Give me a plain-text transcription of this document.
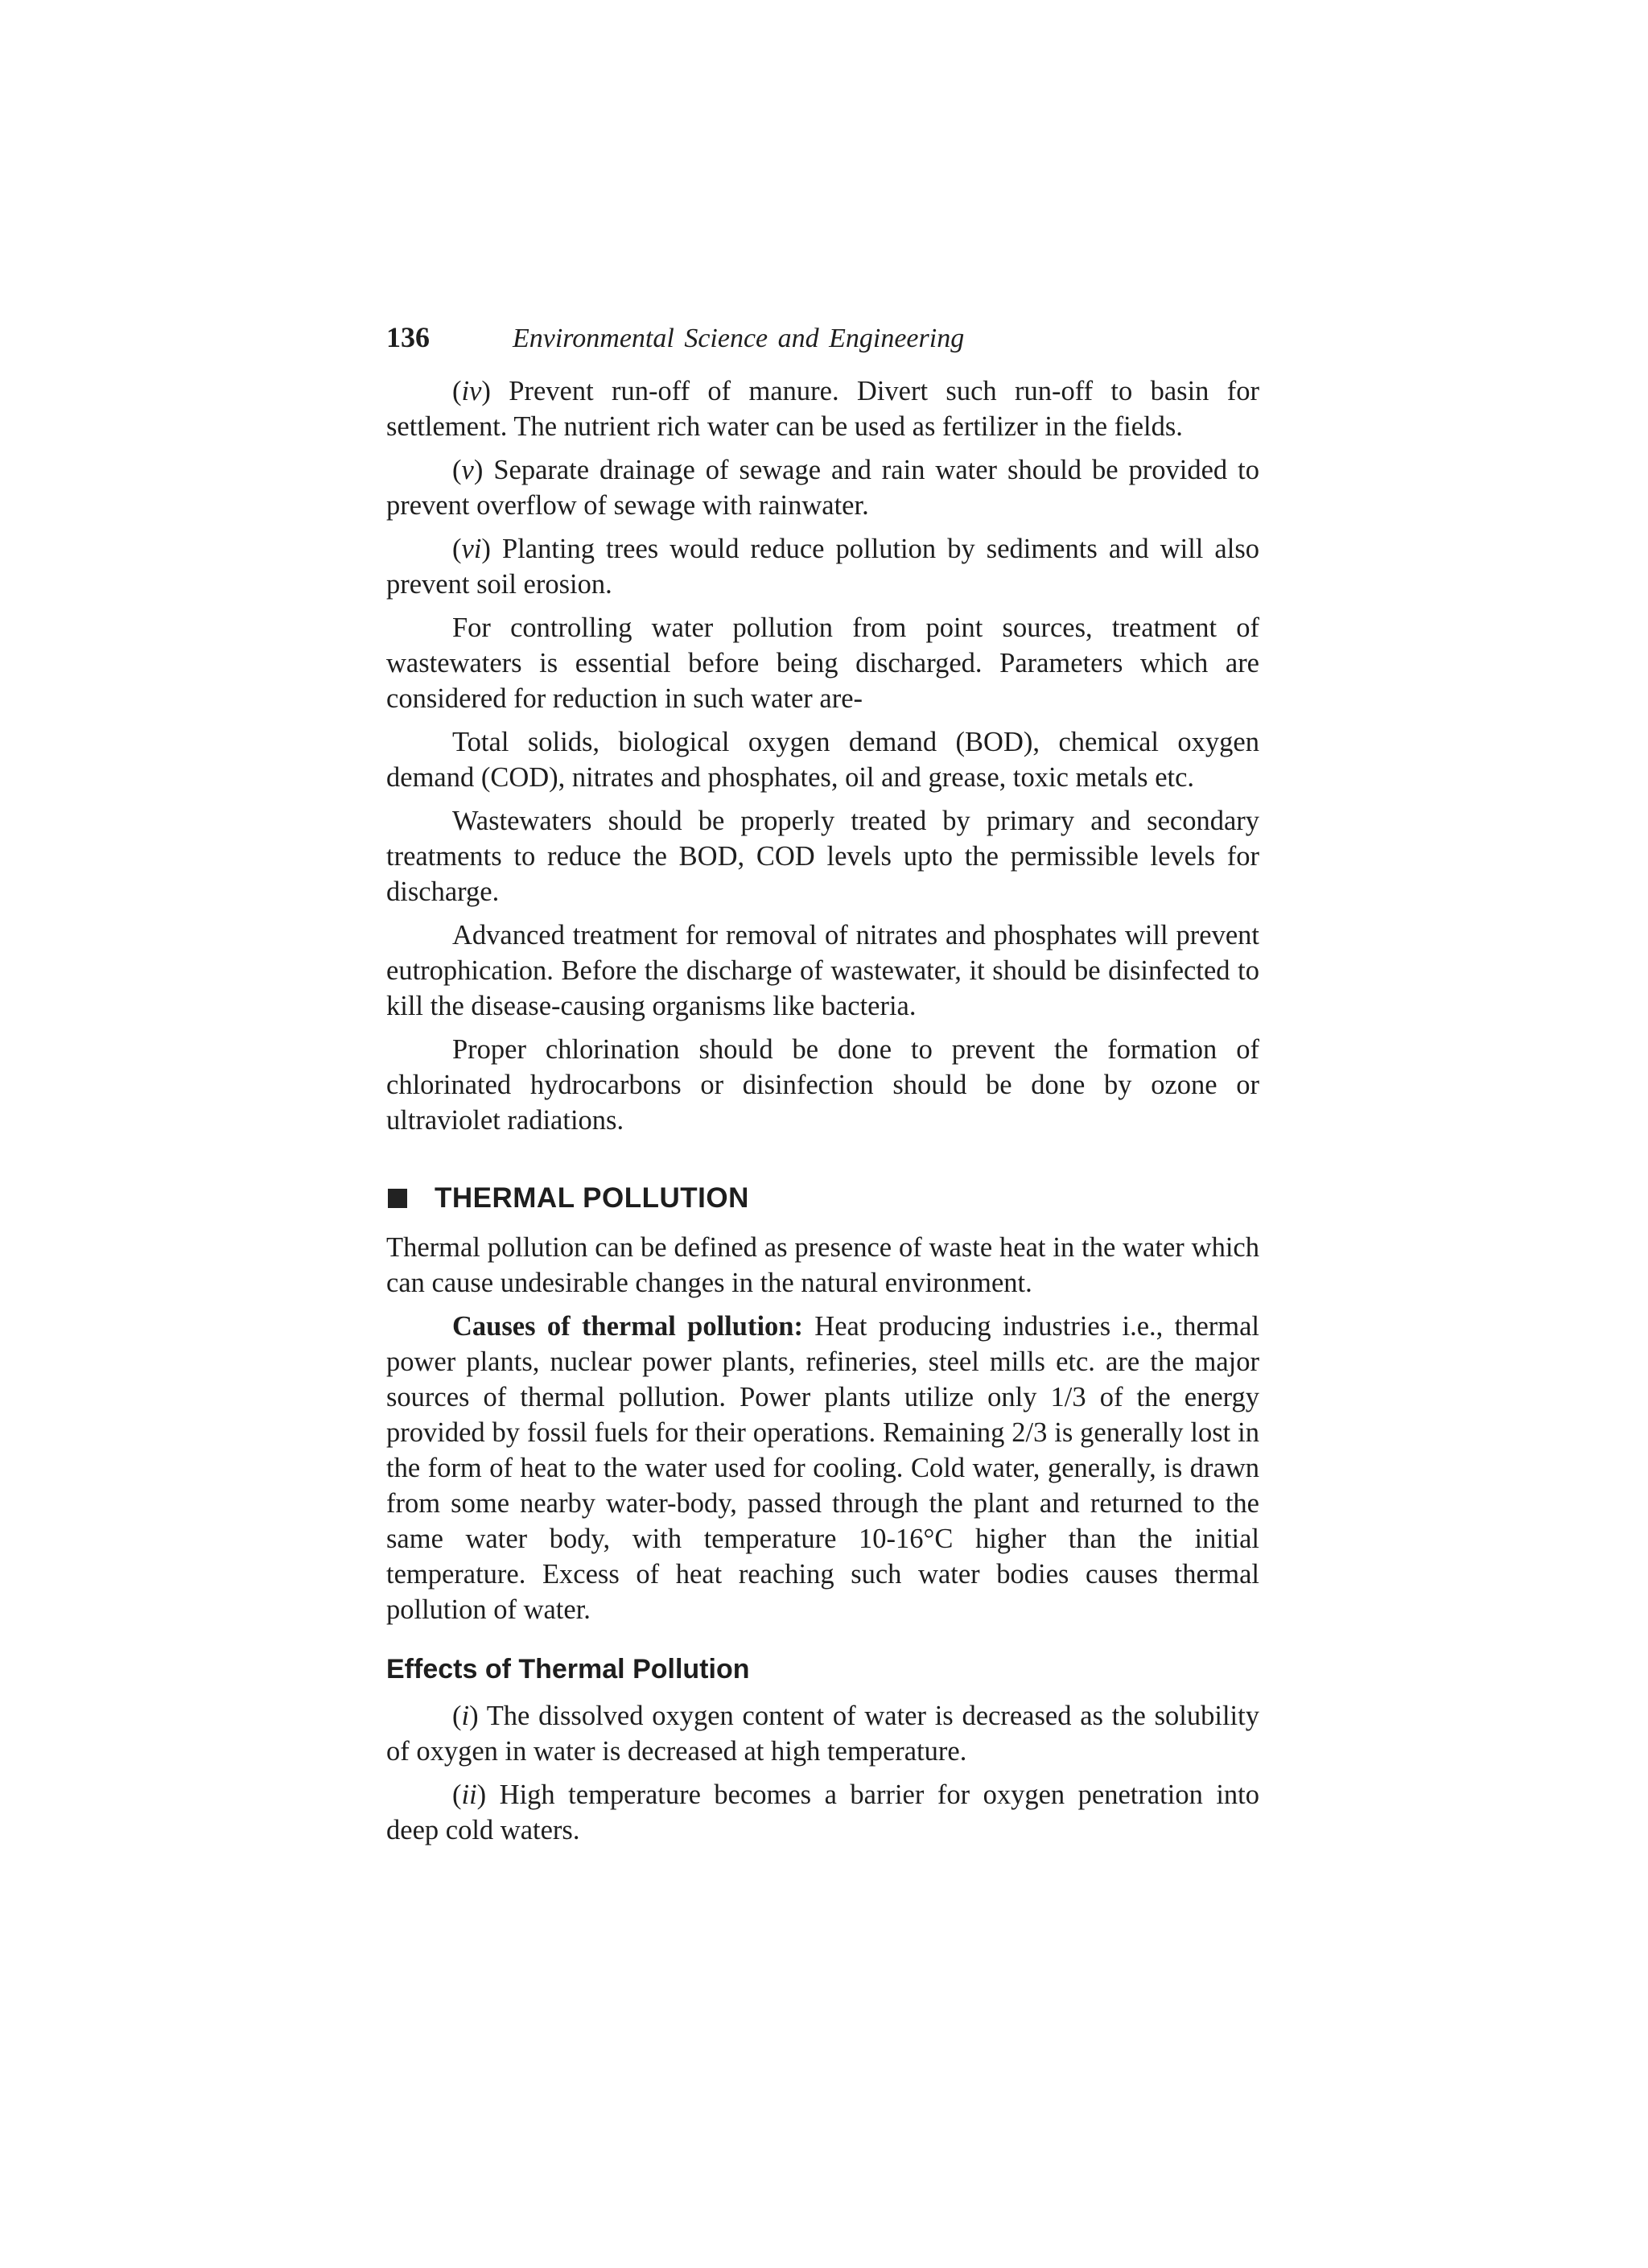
136	Environmental Science and Engineering

(iv) Prevent run-off of manure. Divert such run-off to basin for settlement. The nutrient rich water can be used as fertilizer in the fields.

(v) Separate drainage of sewage and rain water should be provided to prevent overflow of sewage with rainwater.

(vi) Planting trees would reduce pollution by sediments and will also prevent soil erosion.

For controlling water pollution from point sources, treatment of wastewaters is essential before being discharged. Parameters which are considered for reduction in such water are-

Total solids, biological oxygen demand (BOD), chemical oxygen demand (COD), nitrates and phosphates, oil and grease, toxic metals etc.

Wastewaters should be properly treated by primary and secondary treatments to reduce the BOD, COD levels upto the permissible levels for discharge.

Advanced treatment for removal of nitrates and phosphates will prevent eutrophication. Before the discharge of wastewater, it should be disinfected to kill the disease-causing organisms like bacteria.

Proper chlorination should be done to prevent the formation of chlorinated hydrocarbons or disinfection should be done by ozone or ultraviolet radiations.

THERMAL POLLUTION

Thermal pollution can be defined as presence of waste heat in the water which can cause undesirable changes in the natural environment.

Causes of thermal pollution: Heat producing industries i.e., thermal power plants, nuclear power plants, refineries, steel mills etc. are the major sources of thermal pollution. Power plants utilize only 1/3 of the energy provided by fossil fuels for their operations. Remaining 2/3 is generally lost in the form of heat to the water used for cooling. Cold water, generally, is drawn from some nearby water-body, passed through the plant and returned to the same water body, with temperature 10-16°C higher than the initial temperature. Excess of heat reaching such water bodies causes thermal pollution of water.

Effects of Thermal Pollution

(i) The dissolved oxygen content of water is decreased as the solubility of oxygen in water is decreased at high temperature.

(ii) High temperature becomes a barrier for oxygen penetration into deep cold waters.
